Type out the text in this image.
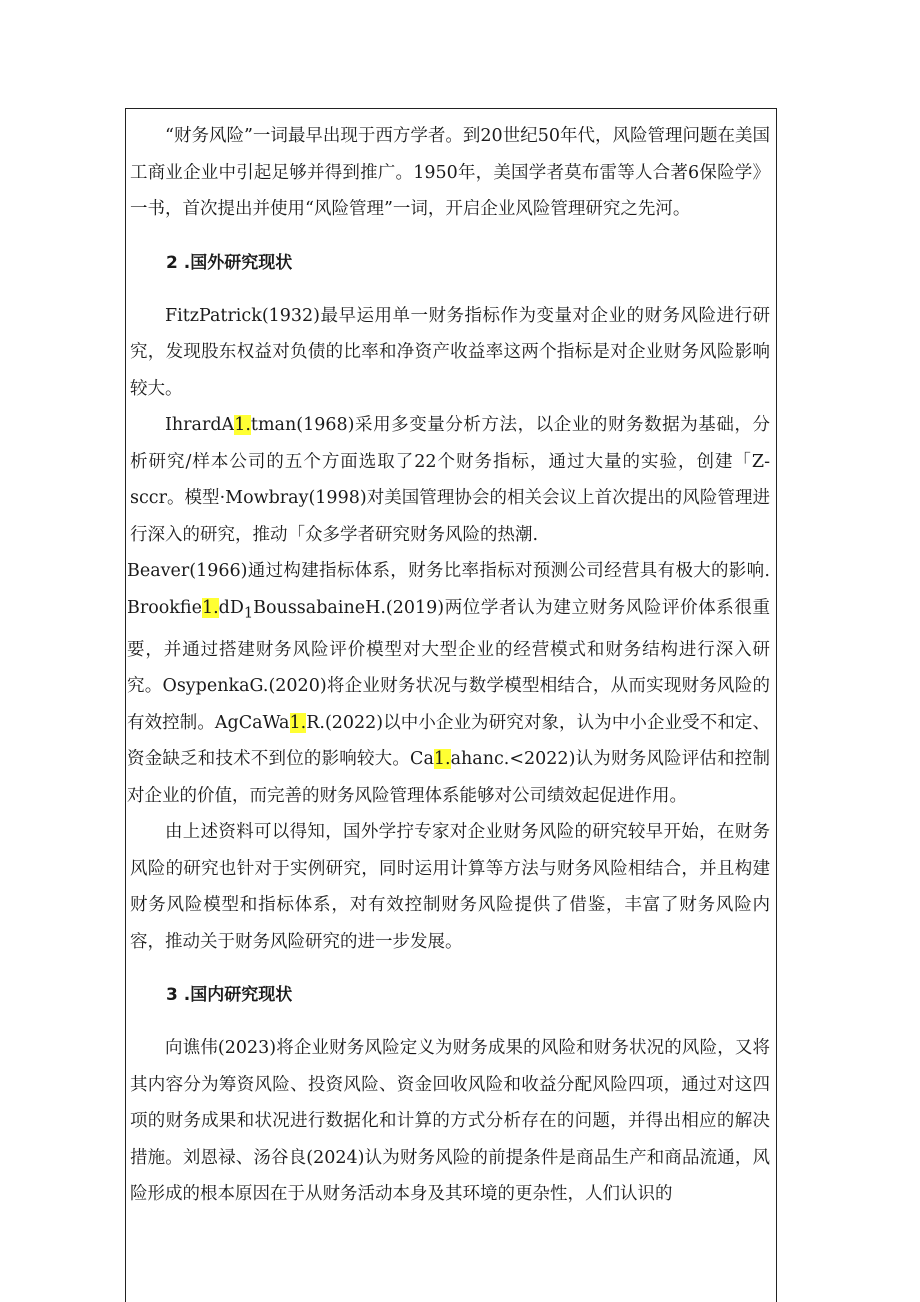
“财务风险”一词最早出现于西方学者。到20世纪50年代，风险管理问题在美国工商业企业中引起足够并得到推广。1950年，美国学者莫布雷等人合著6保险学》一书，首次提出并使用“风险管理”一词，开启企业风险管理研究之先河。

2 .国外研究现状

FitzPatrick(1932)最早运用单一财务指标作为变量对企业的财务风险进行研究，发现股东权益对负债的比率和净资产收益率这两个指标是对企业财务风险影响较大。

IhrardA1.tman(1968)采用多变量分析方法，以企业的财务数据为基础，分析研究/样本公司的五个方面选取了22个财务指标，通过大量的实验，创建「Z-sccr。模型·Mowbray(1998)对美国管理协会的相关会议上首次提出的风险管理进行深入的研究，推动「众多学者研究财务风险的热潮.

Beaver(1966)通过构建指标体系，财务比率指标对预测公司经营具有极大的影响. $Brookfie1.dD_1BoussabaineH.(2019)$两位学者认为建立财务风险评价体系很重要，并通过搭建财务风险评价模型对大型企业的经营模式和财务结构进行深入研究。OsypenkaG.(2020)将企业财务状况与数学模型相结合，从而实现财务风险的有效控制。AgCaWa1.R.(2022)以中小企业为研究对象，认为中小企业受不和定、资金缺乏和技术不到位的影响较大。Ca1.ahanc.<2022)认为财务风险评估和控制对企业的价值，而完善的财务风险管理体系能够对公司绩效起促进作用。

由上述资料可以得知，国外学拧专家对企业财务风险的研究较早开始，在财务风险的研究也针对于实例研究，同时运用计算等方法与财务风险相结合，并且构建财务风险模型和指标体系，对有效控制财务风险提供了借鉴，丰富了财务风险内容，推动关于财务风险研究的进一步发展。

3 .国内研究现状

向谯伟(2023)将企业财务风险定义为财务成果的风险和财务状况的风险，又将其内容分为筹资风险、投资风险、资金回收风险和收益分配风险四项，通过对这四项的财务成果和状况进行数据化和计算的方式分析存在的问题，并得出相应的解决措施。刘恩禄、汤谷良(2024)认为财务风险的前提条件是商品生产和商品流通，风险形成的根本原因在于从财务活动本身及其环境的更杂性，人们认识的
